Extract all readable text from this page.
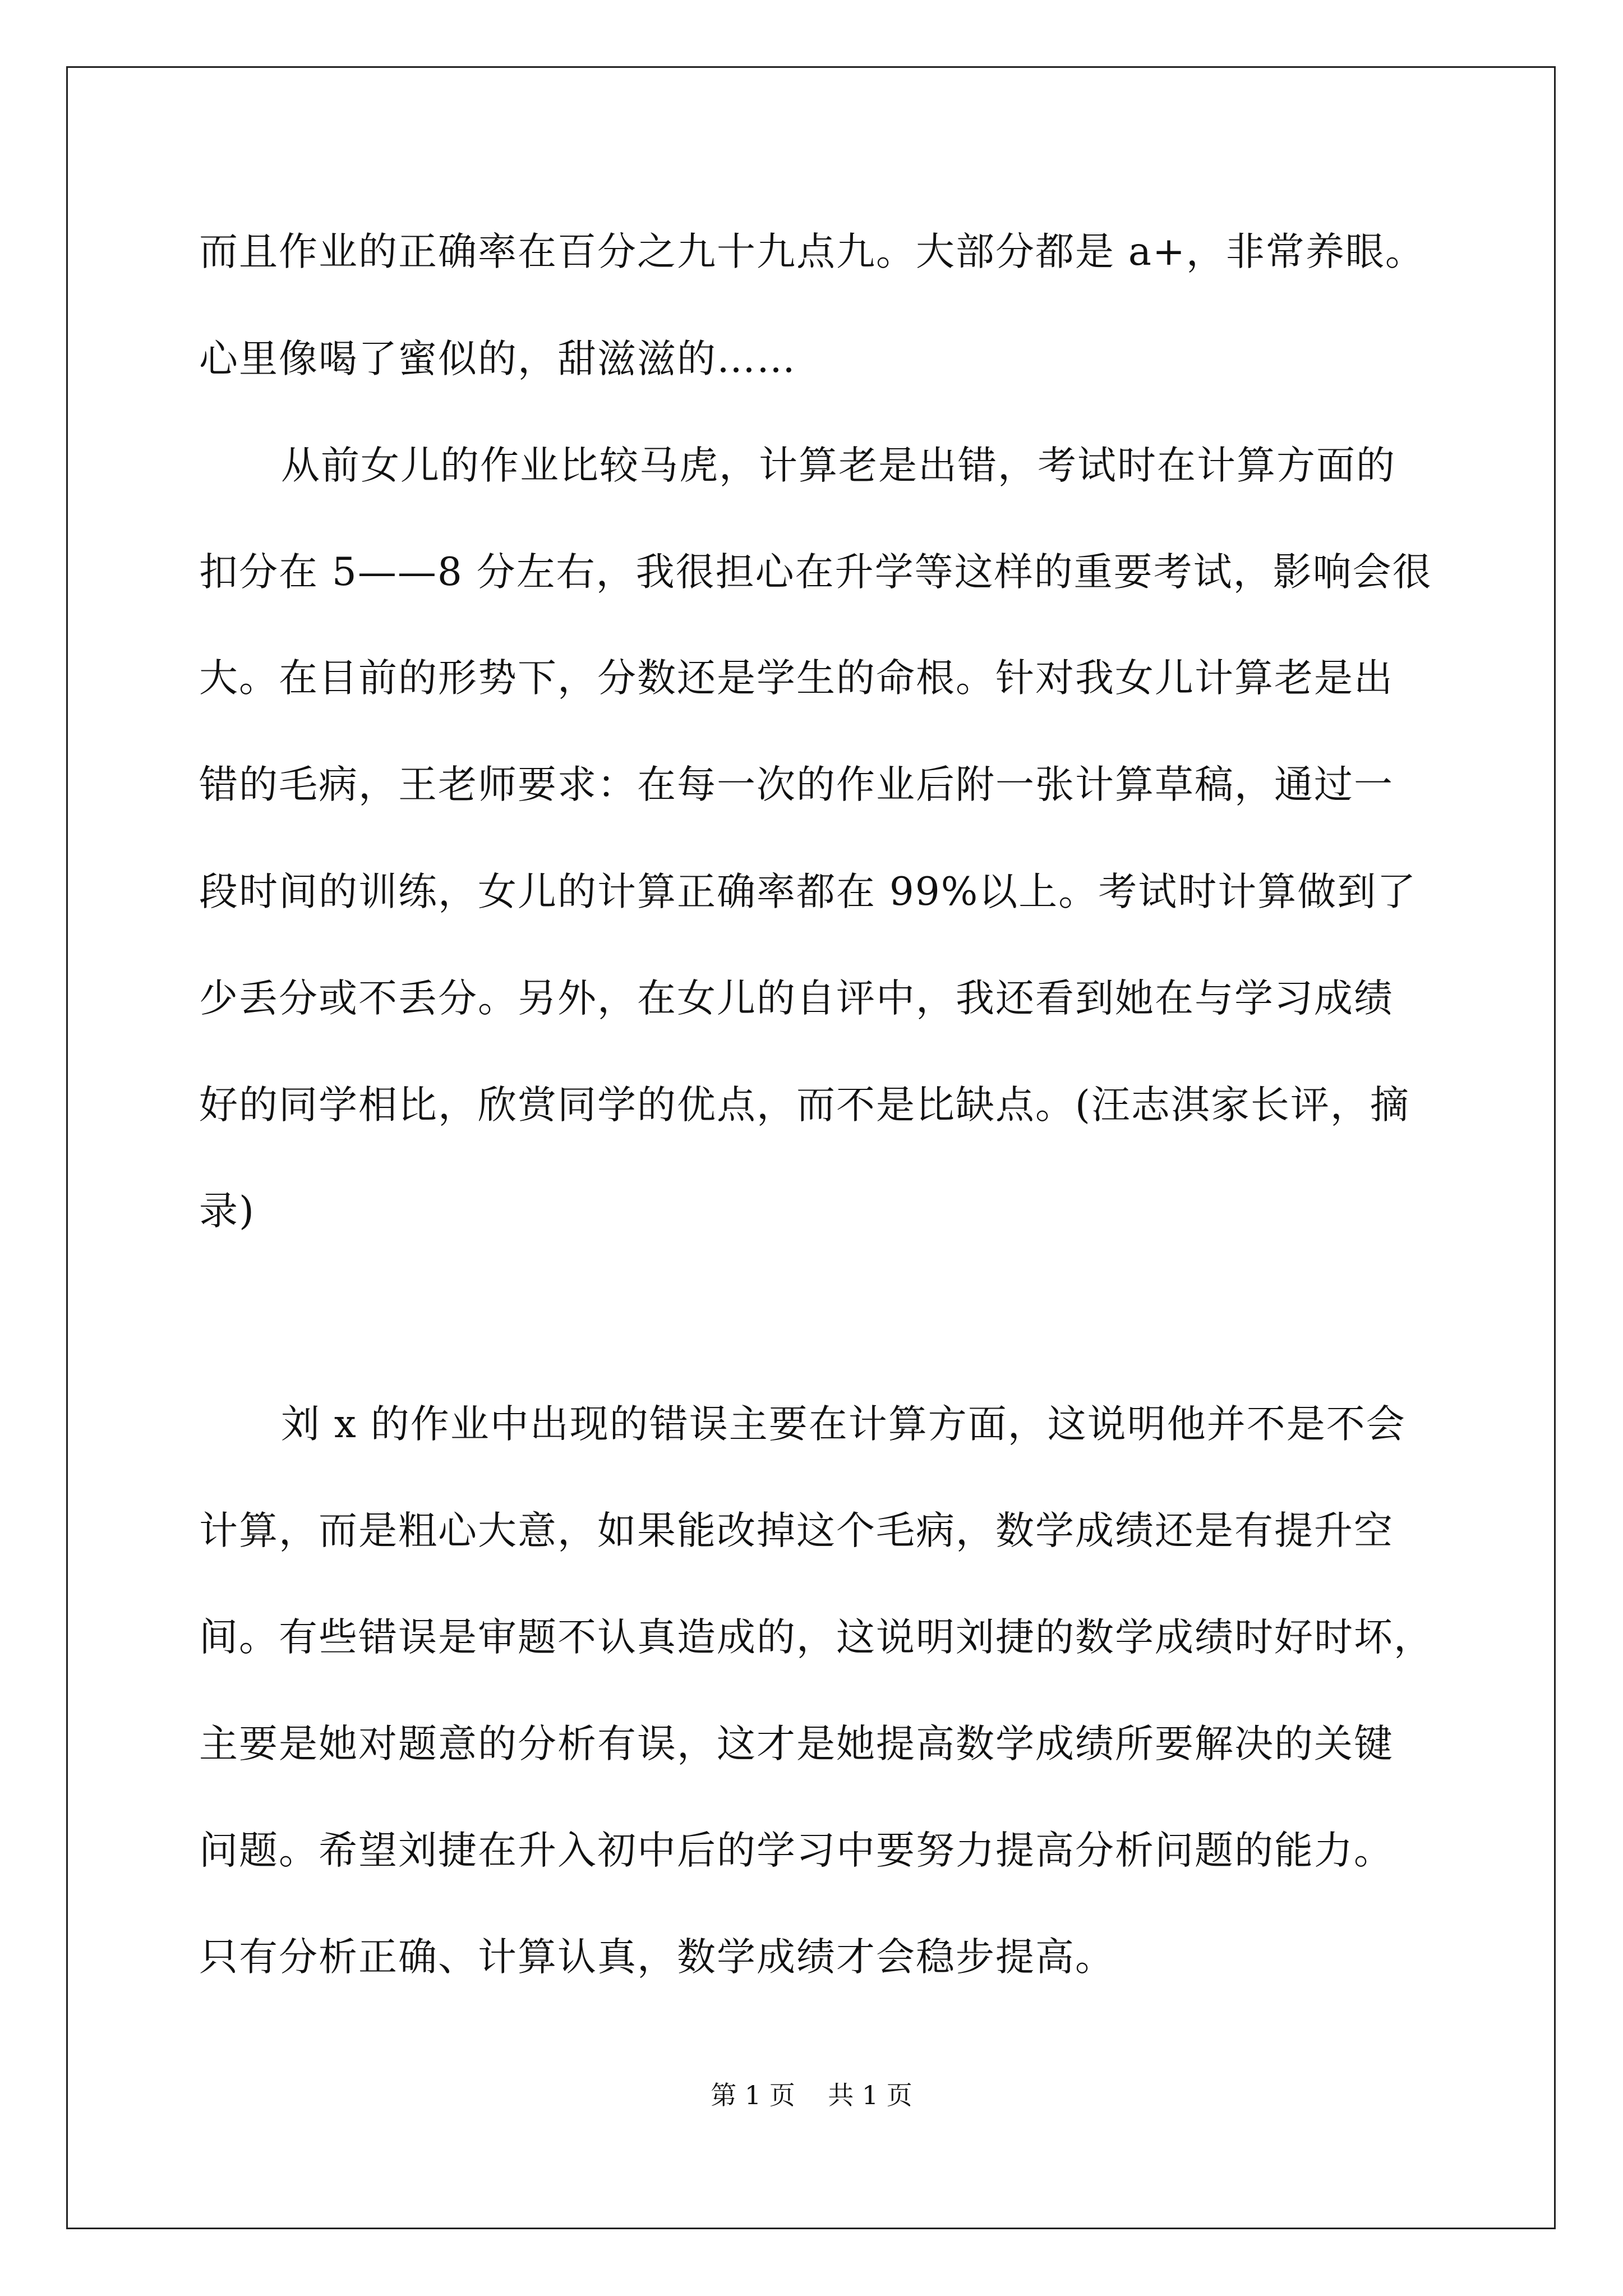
而且作业的正确率在百分之九十九点九。大部分都是 a+，非常养眼。
心里像喝了蜜似的，甜滋滋的……
从前女儿的作业比较马虎，计算老是出错，考试时在计算方面的
扣分在 5——8 分左右，我很担心在升学等这样的重要考试，影响会很
大。在目前的形势下，分数还是学生的命根。针对我女儿计算老是出
错的毛病，王老师要求：在每一次的作业后附一张计算草稿，通过一
段时间的训练，女儿的计算正确率都在 99%以上。考试时计算做到了
少丢分或不丢分。另外，在女儿的自评中，我还看到她在与学习成绩
好的同学相比，欣赏同学的优点，而不是比缺点。(汪志淇家长评，摘
录)
刘 x 的作业中出现的错误主要在计算方面，这说明他并不是不会
计算，而是粗心大意，如果能改掉这个毛病，数学成绩还是有提升空
间。有些错误是审题不认真造成的，这说明刘捷的数学成绩时好时坏，
主要是她对题意的分析有误，这才是她提高数学成绩所要解决的关键
问题。希望刘捷在升入初中后的学习中要努力提高分析问题的能力。
只有分析正确、计算认真，数学成绩才会稳步提高。
第 1 页    共 1 页
